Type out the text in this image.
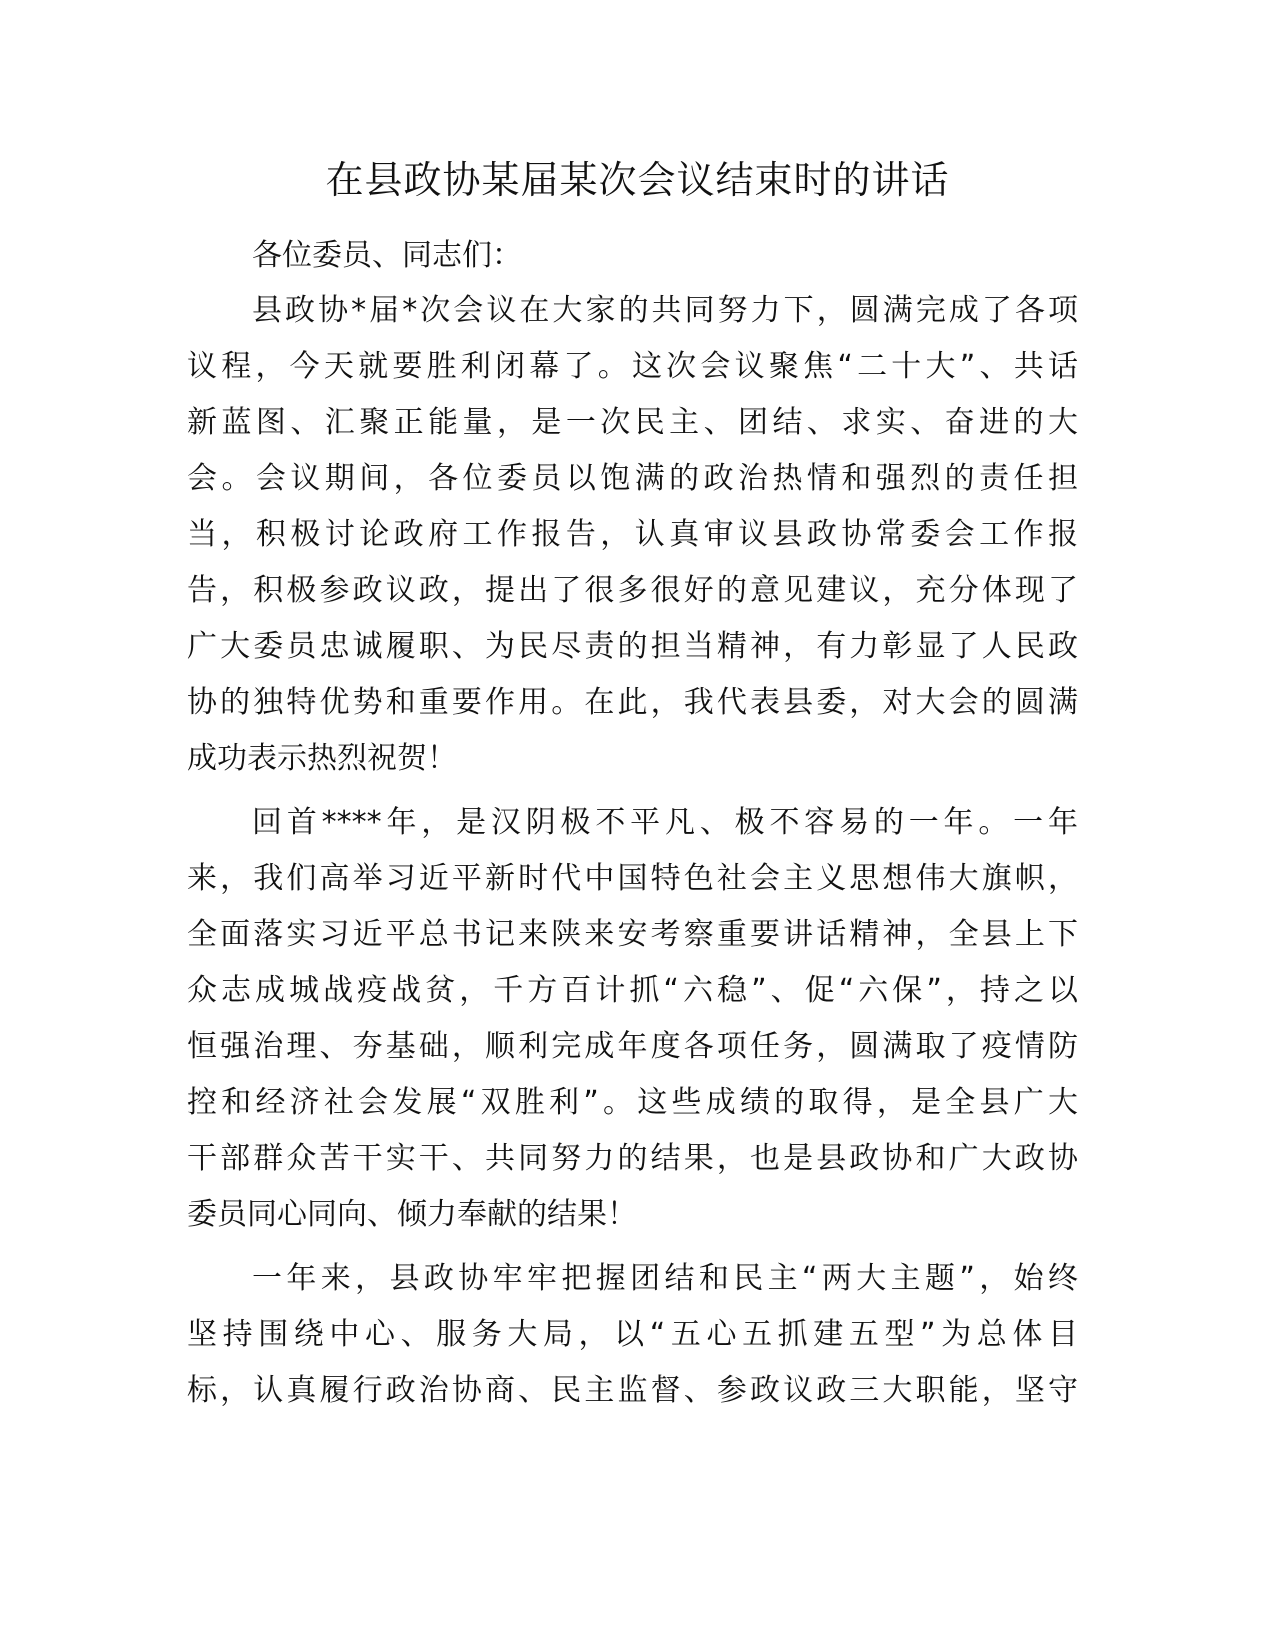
在县政协某届某次会议结束时的讲话

各位委员、同志们：

县政协*届*次会议在大家的共同努力下，圆满完成了各项

议程，今天就要胜利闭幕了。这次会议聚焦“二十大”、共话

新蓝图、汇聚正能量，是一次民主、团结、求实、奋进的大

会。会议期间，各位委员以饱满的政治热情和强烈的责任担

当，积极讨论政府工作报告，认真审议县政协常委会工作报

告，积极参政议政，提出了很多很好的意见建议，充分体现了

广大委员忠诚履职、为民尽责的担当精神，有力彰显了人民政

协的独特优势和重要作用。在此，我代表县委，对大会的圆满

成功表示热烈祝贺！

回首****年，是汉阴极不平凡、极不容易的一年。一年

来，我们高举习近平新时代中国特色社会主义思想伟大旗帜，

全面落实习近平总书记来陕来安考察重要讲话精神，全县上下

众志成城战疫战贫，千方百计抓“六稳”、促“六保”，持之以

恒强治理、夯基础，顺利完成年度各项任务，圆满取了疫情防

控和经济社会发展“双胜利”。这些成绩的取得，是全县广大

干部群众苦干实干、共同努力的结果，也是县政协和广大政协

委员同心同向、倾力奉献的结果！

一年来，县政协牢牢把握团结和民主“两大主题”，始终

坚持围绕中心、服务大局，以“五心五抓建五型”为总体目

标，认真履行政治协商、民主监督、参政议政三大职能，坚守
